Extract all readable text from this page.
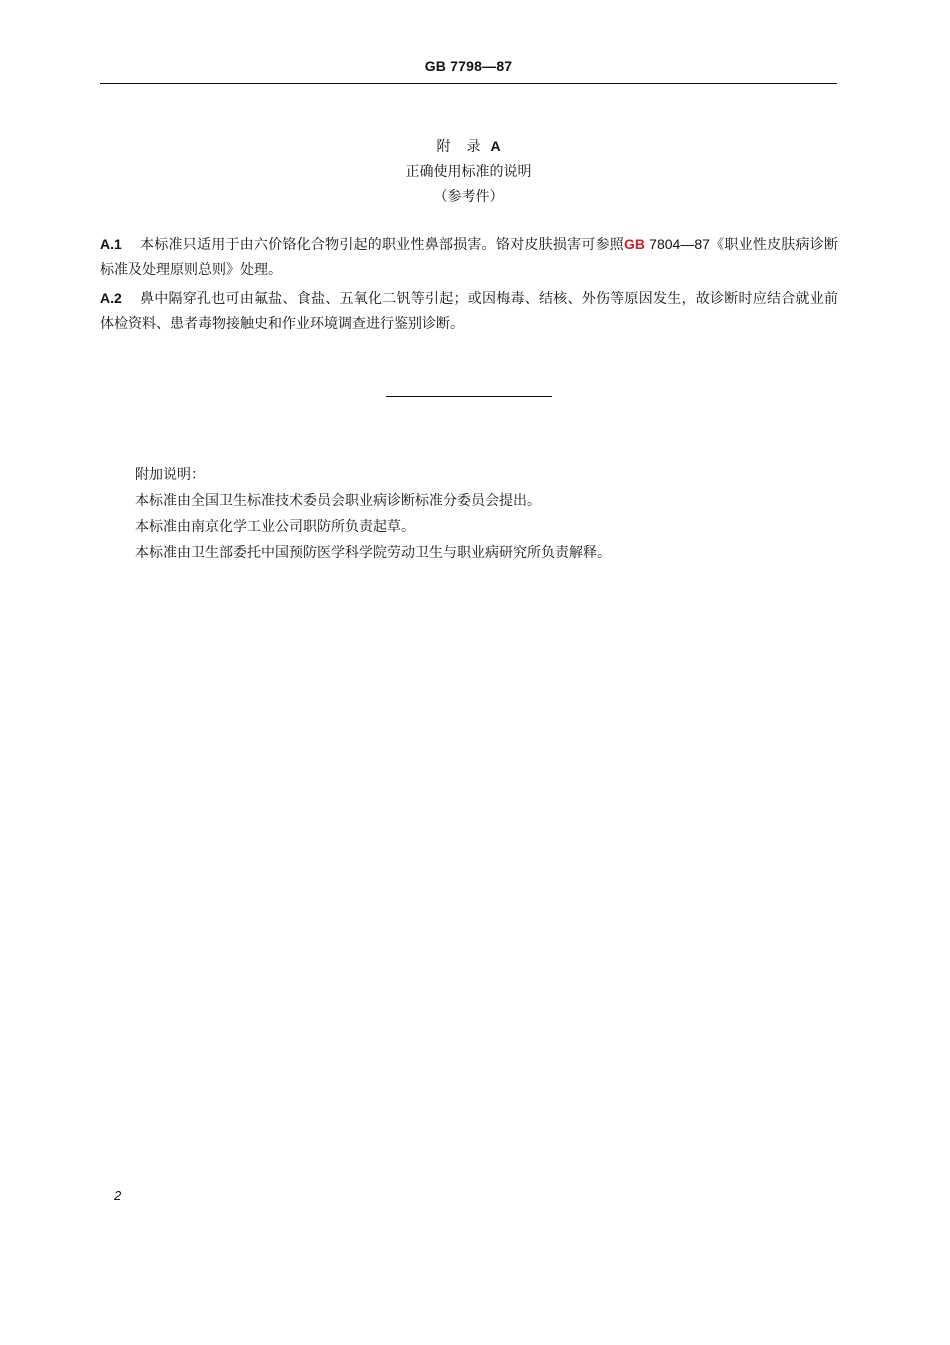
GB 7798—87
附 录 A
正确使用标准的说明
（参考件）
A.1 本标准只适用于由六价铬化合物引起的职业性鼻部损害。铬对皮肤损害可参照GB 7804—87《职业性皮肤病诊断标准及处理原则总则》处理。
A.2 鼻中隔穿孔也可由氟盐、食盐、五氧化二钒等引起；或因梅毒、结核、外伤等原因发生，故诊断时应结合就业前体检资料、患者毒物接触史和作业环境调查进行鉴别诊断。
附加说明：
本标准由全国卫生标准技术委员会职业病诊断标准分委员会提出。
本标准由南京化学工业公司职防所负责起草。
本标准由卫生部委托中国预防医学科学院劳动卫生与职业病研究所负责解释。
2
